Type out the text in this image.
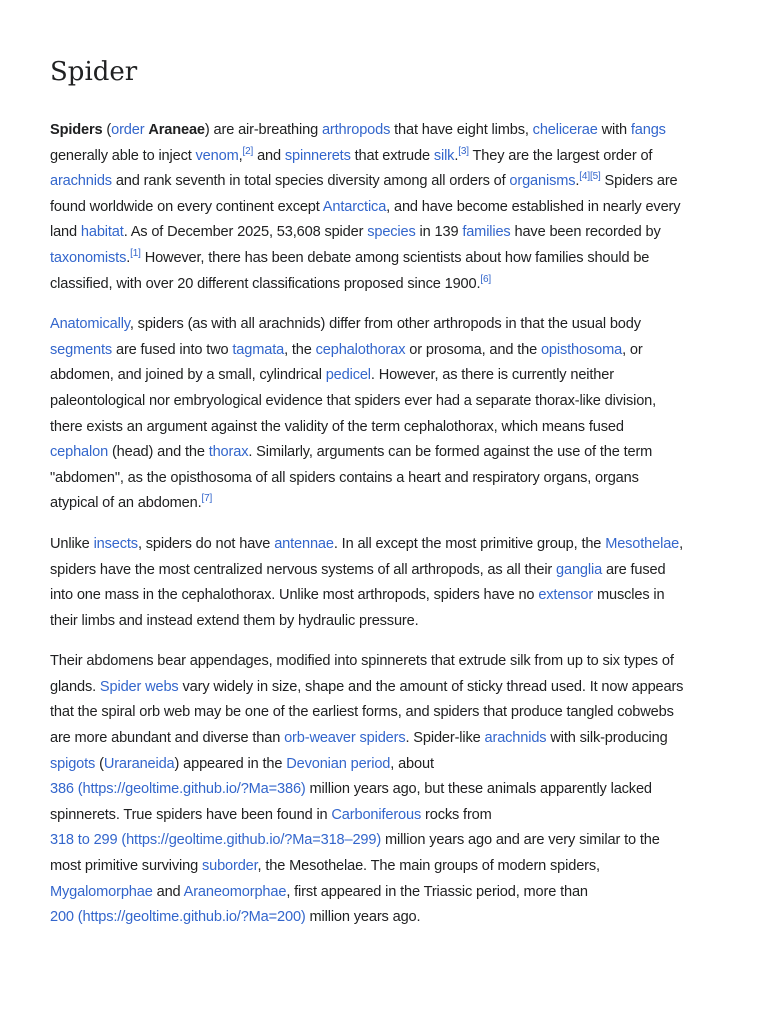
Spider

Spiders (order Araneae) are air-breathing arthropods that have eight limbs, chelicerae with fangs
generally able to inject venom,[2] and spinnerets that extrude silk.[3] They are the largest order of
arachnids and rank seventh in total species diversity among all orders of organisms.[4][5] Spiders are
found worldwide on every continent except Antarctica, and have become established in nearly every
land habitat. As of December 2025, 53,608 spider species in 139 families have been recorded by
taxonomists.[1] However, there has been debate among scientists about how families should be
classified, with over 20 different classifications proposed since 1900.[6]

Anatomically, spiders (as with all arachnids) differ from other arthropods in that the usual body
segments are fused into two tagmata, the cephalothorax or prosoma, and the opisthosoma, or
abdomen, and joined by a small, cylindrical pedicel. However, as there is currently neither
paleontological nor embryological evidence that spiders ever had a separate thorax-like division,
there exists an argument against the validity of the term cephalothorax, which means fused
cephalon (head) and the thorax. Similarly, arguments can be formed against the use of the term
"abdomen", as the opisthosoma of all spiders contains a heart and respiratory organs, organs
atypical of an abdomen.[7]

Unlike insects, spiders do not have antennae. In all except the most primitive group, the Mesothelae,
spiders have the most centralized nervous systems of all arthropods, as all their ganglia are fused
into one mass in the cephalothorax. Unlike most arthropods, spiders have no extensor muscles in
their limbs and instead extend them by hydraulic pressure.

Their abdomens bear appendages, modified into spinnerets that extrude silk from up to six types of
glands. Spider webs vary widely in size, shape and the amount of sticky thread used. It now appears
that the spiral orb web may be one of the earliest forms, and spiders that produce tangled cobwebs
are more abundant and diverse than orb-weaver spiders. Spider-like arachnids with silk-producing
spigots (Uraraneida) appeared in the Devonian period, about
386 (https://geoltime.github.io/?Ma=386) million years ago, but these animals apparently lacked
spinnerets. True spiders have been found in Carboniferous rocks from
318 to 299 (https://geoltime.github.io/?Ma=318–299) million years ago and are very similar to the
most primitive surviving suborder, the Mesothelae. The main groups of modern spiders,
Mygalomorphae and Araneomorphae, first appeared in the Triassic period, more than
200 (https://geoltime.github.io/?Ma=200) million years ago.
